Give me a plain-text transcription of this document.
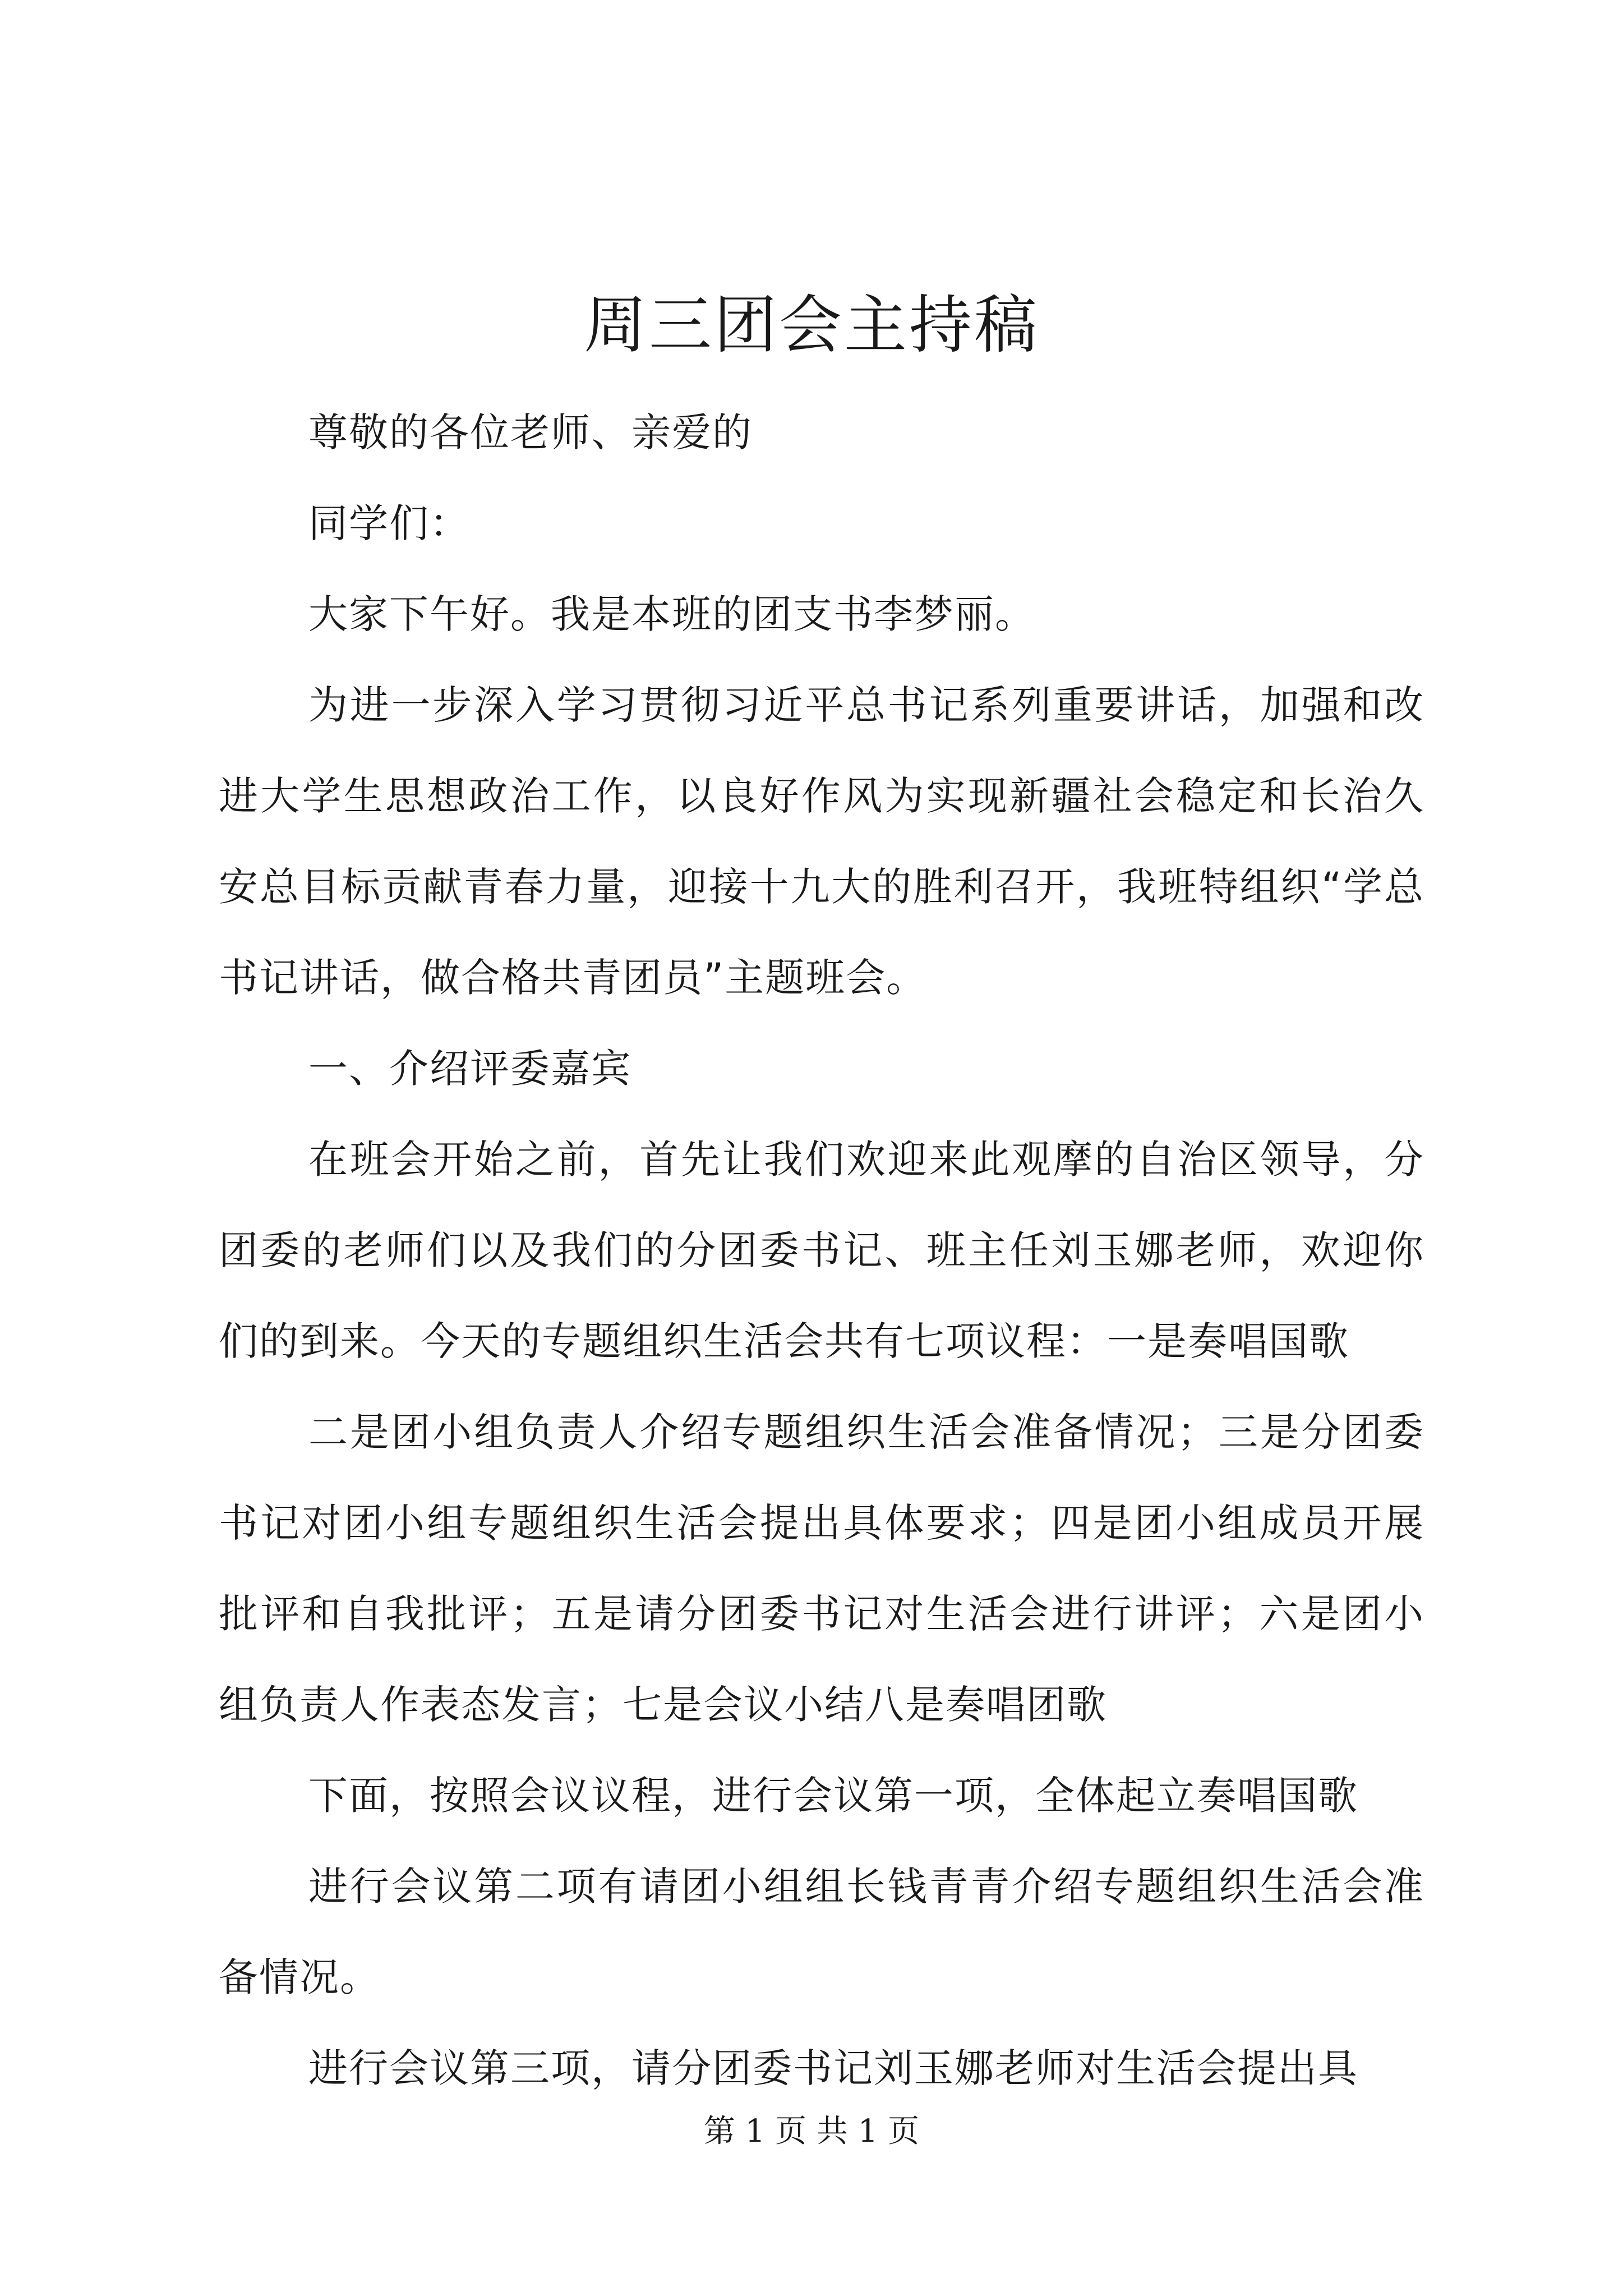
周三团会主持稿

尊敬的各位老师、亲爱的

同学们：

大家下午好。我是本班的团支书李梦丽。

为进一步深入学习贯彻习近平总书记系列重要讲话，加强和改进大学生思想政治工作，以良好作风为实现新疆社会稳定和长治久安总目标贡献青春力量，迎接十九大的胜利召开，我班特组织“学总书记讲话，做合格共青团员”主题班会。

一、介绍评委嘉宾

在班会开始之前，首先让我们欢迎来此观摩的自治区领导，分团委的老师们以及我们的分团委书记、班主任刘玉娜老师，欢迎你们的到来。今天的专题组织生活会共有七项议程：一是奏唱国歌

二是团小组负责人介绍专题组织生活会准备情况；三是分团委书记对团小组专题组织生活会提出具体要求；四是团小组成员开展批评和自我批评；五是请分团委书记对生活会进行讲评；六是团小组负责人作表态发言；七是会议小结八是奏唱团歌

下面，按照会议议程，进行会议第一项，全体起立奏唱国歌

进行会议第二项有请团小组组长钱青青介绍专题组织生活会准备情况。

进行会议第三项，请分团委书记刘玉娜老师对生活会提出具

第 1 页 共 1 页
